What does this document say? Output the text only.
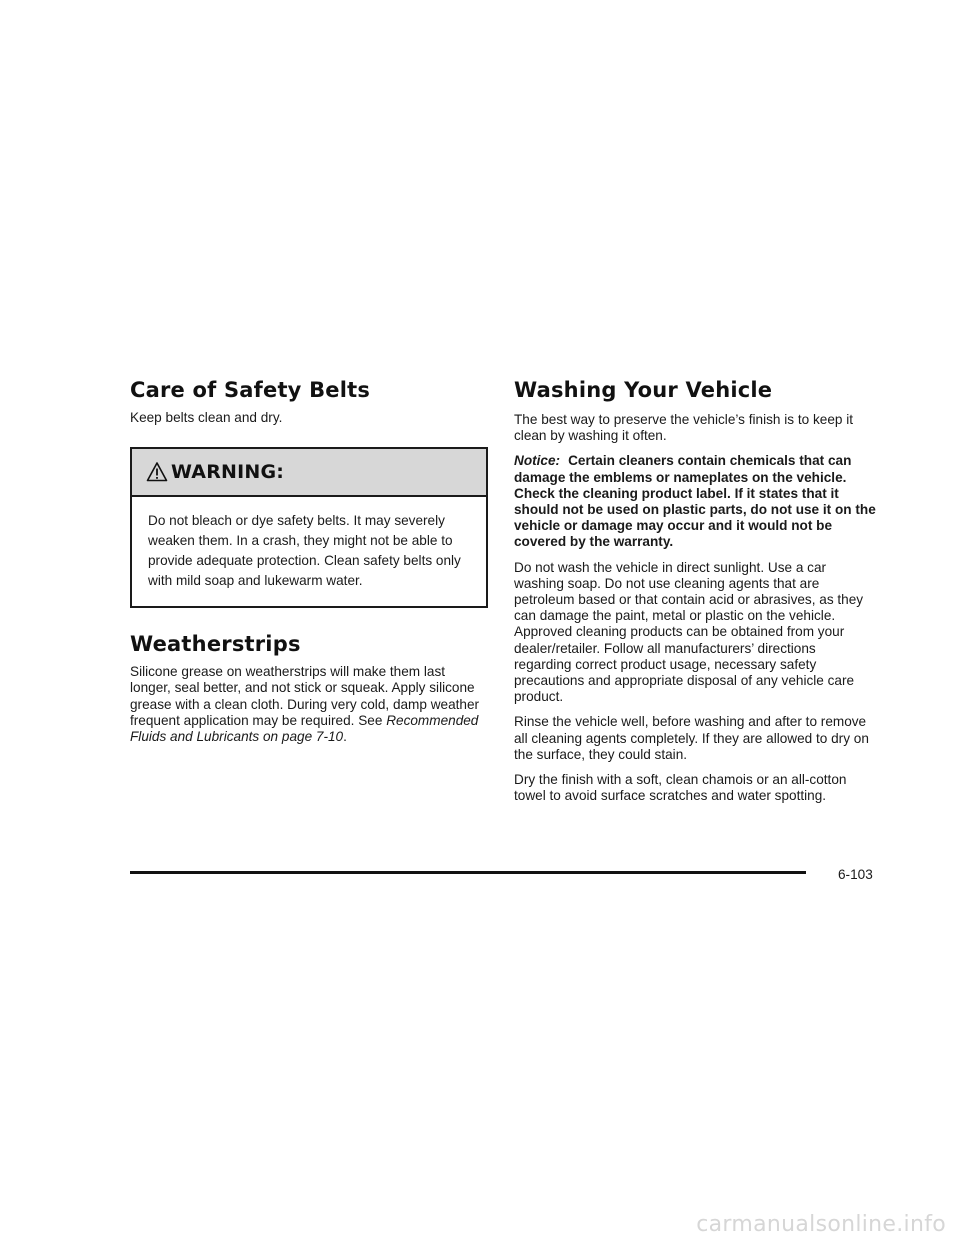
Care of Safety Belts

Keep belts clean and dry.

WARNING:
Do not bleach or dye safety belts. It may severely weaken them. In a crash, they might not be able to provide adequate protection. Clean safety belts only with mild soap and lukewarm water.
Weatherstrips

Silicone grease on weatherstrips will make them last longer, seal better, and not stick or squeak. Apply silicone grease with a clean cloth. During very cold, damp weather frequent application may be required. See Recommended Fluids and Lubricants on page 7-10.

Washing Your Vehicle

The best way to preserve the vehicle’s finish is to keep it clean by washing it often.

Notice: Certain cleaners contain chemicals that can damage the emblems or nameplates on the vehicle. Check the cleaning product label. If it states that it should not be used on plastic parts, do not use it on the vehicle or damage may occur and it would not be covered by the warranty.

Do not wash the vehicle in direct sunlight. Use a car washing soap. Do not use cleaning agents that are petroleum based or that contain acid or abrasives, as they can damage the paint, metal or plastic on the vehicle. Approved cleaning products can be obtained from your dealer/retailer. Follow all manufacturers’ directions regarding correct product usage, necessary safety precautions and appropriate disposal of any vehicle care product.

Rinse the vehicle well, before washing and after to remove all cleaning agents completely. If they are allowed to dry on the surface, they could stain.

Dry the finish with a soft, clean chamois or an all-cotton towel to avoid surface scratches and water spotting.

6-103
carmanualsonline.info
